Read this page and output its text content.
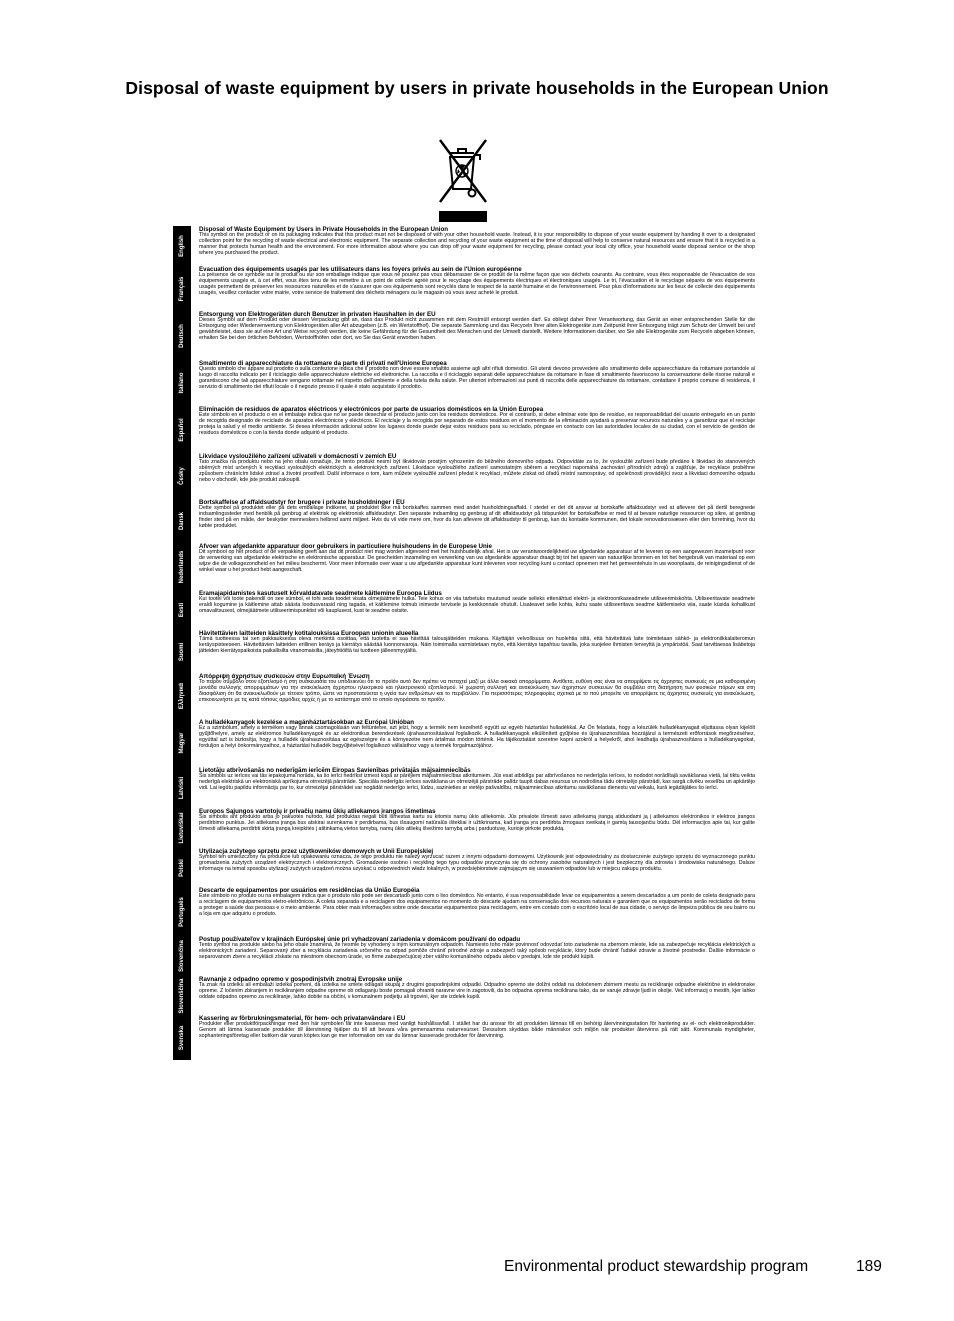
Disposal of waste equipment by users in private households in the European Union
English
Français
Deutsch
Italiano
Español
Česky
Dansk
Nederlands
Eesti
Suomi
Ελληνικά
Magyar
Latviski
Lietuviškai
Polski
Português
Slovenčina
Slovenščina
Svenska
Disposal of Waste Equipment by Users in Private Households in the European Union

This symbol on the product or on its packaging indicates that this product must not be disposed of with your other household waste. Instead, it is your responsibility to dispose of your waste equipment by handing it over to a designated collection point for the recycling of waste electrical and electronic equipment. The separate collection and recycling of your waste equipment at the time of disposal will help to conserve natural resources and ensure that it is recycled in a manner that protects human health and the environment. For more information about where you can drop off your waste equipment for recycling, please contact your local city office, your household waste disposal service or the shop where you purchased the product.

Évacuation des équipements usagés par les utilisateurs dans les foyers privés au sein de l'Union européenne

La présence de ce symbole sur le produit ou sur son emballage indique que vous ne pouvez pas vous débarrasser de ce produit de la même façon que vos déchets courants. Au contraire, vous êtes responsable de l'évacuation de vos équipements usagés et, à cet effet, vous êtes tenu de les remettre à un point de collecte agréé pour le recyclage des équipements électriques et électroniques usagés. Le tri, l'évacuation et le recyclage séparés de vos équipements usagés permettent de préserver les ressources naturelles et de s'assurer que ces équipements sont recyclés dans le respect de la santé humaine et de l'environnement. Pour plus d'informations sur les lieux de collecte des équipements usagés, veuillez contacter votre mairie, votre service de traitement des déchets ménagers ou le magasin où vous avez acheté le produit.

Entsorgung von Elektrogeräten durch Benutzer in privaten Haushalten in der EU

Dieses Symbol auf dem Produkt oder dessen Verpackung gibt an, dass das Produkt nicht zusammen mit dem Restmüll entsorgt werden darf. Es obliegt daher Ihrer Verantwortung, das Gerät an einer entsprechenden Stelle für die Entsorgung oder Wiederverwertung von Elektrogeräten aller Art abzugeben (z.B. ein Wertstoffhof). Die separate Sammlung und das Recyceln Ihrer alten Elektrogeräte zum Zeitpunkt ihrer Entsorgung trägt zum Schutz der Umwelt bei und gewährleistet, dass sie auf eine Art und Weise recycelt werden, die keine Gefährdung für die Gesundheit des Menschen und der Umwelt darstellt. Weitere Informationen darüber, wo Sie alte Elektrogeräte zum Recyceln abgeben können, erhalten Sie bei den örtlichen Behörden, Wertstoffhöfen oder dort, wo Sie das Gerät erworben haben.

Smaltimento di apparecchiature da rottamare da parte di privati nell'Unione Europea

Questo simbolo che appare sul prodotto o sulla confezione indica che il prodotto non deve essere smaltito assieme agli altri rifiuti domestici. Gli utenti devono provvedere allo smaltimento delle apparecchiature da rottamare portandole al luogo di raccolta indicato per il riciclaggio delle apparecchiature elettriche ed elettroniche. La raccolta e il riciclaggio separati delle apparecchiature da rottamare in fase di smaltimento favoriscono la conservazione delle risorse naturali e garantiscono che tali apparecchiature vengano rottamate nel rispetto dell'ambiente e della tutela della salute. Per ulteriori informazioni sui punti di raccolta delle apparecchiature da rottamare, contattare il proprio comune di residenza, il servizio di smaltimento dei rifiuti locale o il negozio presso il quale è stato acquistato il prodotto.

Eliminación de residuos de aparatos eléctricos y electrónicos por parte de usuarios domésticos en la Unión Europea

Este símbolo en el producto o en el embalaje indica que no se puede desechar el producto junto con los residuos domésticos. Por el contrario, si debe eliminar este tipo de residuo, es responsabilidad del usuario entregarlo en un punto de recogida designado de reciclado de aparatos electrónicos y eléctricos. El reciclaje y la recogida por separado de estos residuos en el momento de la eliminación ayudará a preservar recursos naturales y a garantizar que el reciclaje proteja la salud y el medio ambiente. Si desea información adicional sobre los lugares donde puede dejar estos residuos para su reciclado, póngase en contacto con las autoridades locales de su ciudad, con el servicio de gestión de residuos domésticos o con la tienda donde adquirió el producto.

Likvidace vysloužilého zařízení uživateli v domácnosti v zemích EU

Tato značka na produktu nebo na jeho obalu označuje, že tento produkt nesmí být likvidován prostým vyhozením do běžného domovního odpadu. Odpovídáte za to, že vysloužilé zařízení bude předáno k likvidaci do stanovených sběrných míst určených k recyklaci vysloužilých elektrických a elektronických zařízení. Likvidace vysloužilého zařízení samostatným sběrem a recyklací napomáhá zachování přírodních zdrojů a zajišťuje, že recyklace proběhne způsobem chránícím lidské zdraví a životní prostředí. Další informace o tom, kam můžete vysloužilé zařízení předat k recyklaci, můžete získat od úřadů místní samosprávy, od společnosti provádějící svoz a likvidaci domovního odpadu nebo v obchodě, kde jste produkt zakoupili.

Bortskaffelse af affaldsudstyr for brugere i private husholdninger i EU

Dette symbol på produktet eller på dets emballage indikerer, at produktet ikke må bortskaffes sammen med andet husholdningsaffald. I stedet er det dit ansvar at bortskaffe affaldsudstyr ved at aflevere det på dertil beregnede indsamlingssteder med henblik på genbrug af elektrisk og elektronisk affaldsudstyr. Den separate indsamling og genbrug af dit affaldsudstyr på tidspunktet for bortskaffelse er med til at bevare naturlige ressourcer og sikre, at genbrug finder sted på en måde, der beskytter menneskers helbred samt miljøet. Hvis du vil vide mere om, hvor du kan aflevere dit affaldsudstyr til genbrug, kan du kontakte kommunen, det lokale renovationsvæsen eller den forretning, hvor du købte produktet.

Afvoer van afgedankte apparatuur door gebruikers in particuliere huishoudens in de Europese Unie

Dit symbool op het product of de verpakking geeft aan dat dit product niet mag worden afgevoerd met het huishoudelijk afval. Het is uw verantwoordelijkheid uw afgedankte apparatuur af te leveren op een aangewezen inzamelpunt voor de verwerking van afgedankte elektrische en elektronische apparatuur. De gescheiden inzameling en verwerking van uw afgedankte apparatuur draagt bij tot het sparen van natuurlijke bronnen en tot het hergebruik van materiaal op een wijze die de volksgezondheid en het milieu beschermt. Voor meer informatie over waar u uw afgedankte apparatuur kunt inleveren voor recycling kunt u contact opnemen met het gemeentehuis in uw woonplaats, de reinigingsdienst of de winkel waar u het product hebt aangeschaft.

Eramajapidamistes kasutuselt kõrvaldatavate seadmete käitlemine Euroopa Liidus

Kui tootel või toote pakendil on see sümbol, ei tohi seda toodet visata olmejäätmete hulka. Teie kohus on viia tarbetuks muutunud seade selleks ettenähtud elektri- ja elektroonikaseadmete utiliseerimiskohta. Utiliseeritavate seadmete eraldi kogumine ja käitlemine aitab säästa loodusvarasid ning tagada, et käitlemine toimub inimeste tervisele ja keskkonnale ohutult. Lisateavet selle kohta, kuhu saate utiliseeritava seadme käitlemiseks viia, saate küsida kohalikust omavalitsusest, olmejäätmete utiliseerimispunktist või kauplusest, kust te seadme ostsite.

Hävitettävien laitteiden käsittely kotitalouksissa Euroopan unionin alueella

Tämä tuotteessa tai sen pakkauksessa oleva merkintä osoittaa, että tuotetta ei saa hävittää talousjätteiden mukana. Käyttäjän velvollisuus on huolehtia siitä, että hävitettävä laite toimitetaan sähkö- ja elektroniikkalaiteromun keräyspisteeseen. Hävitettävien laitteiden erillinen keräys ja kierrätys säästää luonnonvaroja. Näin toimimalla varmistetaan myös, että kierrätys tapahtuu tavalla, joka suojelee ihmisten terveyttä ja ympäristöä. Saat tarvittaessa lisätietoja jätteiden kierrätyspaikoista paikallisilta viranomaisilta, jäteyhtiöiltä tai tuotteen jälleenmyyjältä.

Απόρριψη άχρηστων συσκευών στην Ευρωπαϊκή Ένωση

Το παρόν σύμβολο στον εξοπλισμό ή στη συσκευασία του υποδεικνύει ότι το προϊόν αυτό δεν πρέπει να πεταχτεί μαζί με άλλα οικιακά απορρίμματα. Αντίθετα, ευθύνη σας είναι να απορρίψετε τις άχρηστες συσκευές σε μια καθορισμένη μονάδα συλλογής απορριμμάτων για την ανακύκλωση άχρηστου ηλεκτρικού και ηλεκτρονικού εξοπλισμού. Η χωριστή συλλογή και ανακύκλωση των άχρηστων συσκευών θα συμβάλει στη διατήρηση των φυσικών πόρων και στη διασφάλιση ότι θα ανακυκλωθούν με τέτοιον τρόπο, ώστε να προστατεύεται η υγεία των ανθρώπων και το περιβάλλον. Για περισσότερες πληροφορίες σχετικά με το πού μπορείτε να απορρίψετε τις άχρηστες συσκευές για ανακύκλωση, επικοινωνήστε με τις κατά τόπους αρμόδιες αρχές ή με το κατάστημα από το οποίο αγοράσατε το προϊόν.

A hulladékanyagok kezelése a magánháztartásokban az Európai Unióban

Ez a szimbólum, amely a terméken vagy annak csomagolásán van feltüntetve, azt jelzi, hogy a termék nem kezelhető együtt az egyéb háztartási hulladékkal. Az Ön feladata, hogy a készülék hulladékanyagait eljuttassa olyan kijelölt gyűjtőhelyre, amely az elektromos hulladékanyagok és az elektronikus berendezések újrahasznosításával foglalkozik. A hulladékanyagok elkülönített gyűjtése és újrahasznosítása hozzájárul a természeti erőforrások megőrzéséhez, egyúttal azt is biztosítja, hogy a hulladék újrahasznosítása az egészségre és a környezetre nem ártalmas módon történik. Ha tájékoztatást szeretne kapni azokról a helyekről, ahol leadhatja újrahasznosításra a hulladékanyagokat, forduljon a helyi önkormányzathoz, a háztartási hulladék begyűjtésével foglalkozó vállalathoz vagy a termék forgalmazójához.

Lietotāju atbrīvošanās no nederīgām ierīcēm Eiropas Savienības privātajās mājsaimniecībās

Šis simbols uz ierīces vai tās iepakojuma norāda, ka šo ierīci nedrīkst izmest kopā ar pārējiem mājsaimniecības atkritumiem. Jūs esat atbildīgs par atbrīvošanos no nederīgās ierīces, to nododot norādītajā savākšanas vietā, lai tiktu veikta nederīgā elektriskā un elektroniskā aprīkojuma otrreizējā pārstrāde. Speciāla nederīgās ierīces savākšana un otrreizējā pārstrāde palīdz taupīt dabas resursus un nodrošina tādu otrreizējo pārstrādi, kas sargā cilvēku veselību un apkārtējo vidi. Lai iegūtu papildu informāciju par to, kur otrreizējai pārstrādei var nogādāt nederīgo ierīci, lūdzu, sazinieties ar vietējo pašvaldību, mājsaimniecības atkritumu savākšanas dienestu vai veikalu, kurā iegādājāties šo ierīci.

Europos Sąjungos vartotojų ir privačių namų ūkių atliekamos įrangos išmetimas

Šis simbolis ant produkto arba jo pakuotės nurodo, kad produktas negali būti išmestas kartu su kitomis namų ūkio atliekomis. Jūs privalote išmesti savo atliekamą įrangą atiduodami ją į atliekamos elektronikos ir elektros įrangos perdirbimo punktus. Jei atliekama įranga bus atskirai surenkama ir perdirbama, bus išsaugomi natūralūs ištekliai ir užtikrinama, kad įranga yra perdirbta žmogaus sveikatą ir gamtą tausojančiu būdu. Dėl informacijos apie tai, kur galite išmesti atliekamą perdirbti skirtą įrangą kreipkitės į atitinkamą vietos tarnybą, namų ūkio atliekų išvežimo tarnybą arba į parduotuvę, kurioje pirkote produktą.

Utylizacja zużytego sprzętu przez użytkowników domowych w Unii Europejskiej

Symbol ten umieszczony na produkcie lub opakowaniu oznacza, że tego produktu nie należy wyrzucać razem z innymi odpadami domowymi. Użytkownik jest odpowiedzialny za dostarczenie zużytego sprzętu do wyznaczonego punktu gromadzenia zużytych urządzeń elektrycznych i elektronicznych. Gromadzenie osobno i recykling tego typu odpadów przyczynia się do ochrony zasobów naturalnych i jest bezpieczny dla zdrowia i środowiska naturalnego. Dalsze informacje na temat sposobu utylizacji zużytych urządzeń można uzyskać u odpowiednich władz lokalnych, w przedsiębiorstwie zajmującym się usuwaniem odpadów lub w miejscu zakupu produktu.

Descarte de equipamentos por usuários em residências da União Européia

Este símbolo no produto ou na embalagem indica que o produto não pode ser descartado junto com o lixo doméstico. No entanto, é sua responsabilidade levar os equipamentos a serem descartados a um ponto de coleta designado para a reciclagem de equipamentos eletro-eletrônicos. A coleta separada e a reciclagem dos equipamentos no momento do descarte ajudam na conservação dos recursos naturais e garantem que os equipamentos serão reciclados de forma a proteger a saúde das pessoas e o meio ambiente. Para obter mais informações sobre onde descartar equipamentos para reciclagem, entre em contato com o escritório local de sua cidade, o serviço de limpeza pública de seu bairro ou a loja em que adquiriu o produto.

Postup používateľov v krajinách Európskej únie pri vyhadzovaní zariadenia v domácom používaní do odpadu

Tento symbol na produkte alebo na jeho obale znamená, že nesmie by vyhodený s iným komunálnym odpadom. Namiesto toho máte povinnosť odovzdať toto zariadenie na zbernom mieste, kde sa zabezpečuje recyklácia elektrických a elektronických zariadení. Separovaný zber a recyklácia zariadenia určeného na odpad pomôže chrániť prírodné zdroje a zabezpečí taký spôsob recyklácie, ktorý bude chrániť ľudské zdravie a životné prostredie. Ďalšie informácie o separovanom zbere a recyklácii získate na miestnom obecnom úrade, vo firme zabezpečujúcej zber vášho komunálneho odpadu alebo v predajni, kde ste produkt kúpili.

Ravnanje z odpadno opremo v gospodinjstvih znotraj Evropske unije

Ta znak na izdelku ali embalaži izdelka pomeni, da izdelka ne smete odlagati skupaj z drugimi gospodinjskimi odpadki. Odpadno opremo ste dolžni oddati na določenem zbirnem mestu za recikliranje odpadne električne in elektronske opreme. Z ločenim zbiranjem in recikliranjem odpadne opreme ob odlaganju boste pomagali ohraniti naravne vire in zagotovili, da bo odpadna oprema reciklirana tako, da se varuje zdravje ljudi in okolje. Več informacij o mestih, kjer lahko oddate odpadno opremo za recikliranje, lahko dobite na občini, v komunalnem podjetju ali trgovini, kjer ste izdelek kupili.

Kassering av förbrukningsmaterial, för hem- och privatanvändare i EU

Produkter eller produktförpackningar med den här symbolen får inte kasseras med vanligt hushållsavfall. I stället har du ansvar för att produkten lämnas till en behörig återvinningsstation för hantering av el- och elektronikprodukter. Genom att lämna kasserade produkter till återvinning hjälper du till att bevara våra gemensamma naturresurser. Dessutom skyddas både människor och miljön när produkter återvinns på rätt sätt. Kommunala myndigheter, sophanteringsföretag eller butiken där varan köptes kan ge mer information om var du lämnar kasserade produkter för återvinning.

Environmental product stewardship program	189
